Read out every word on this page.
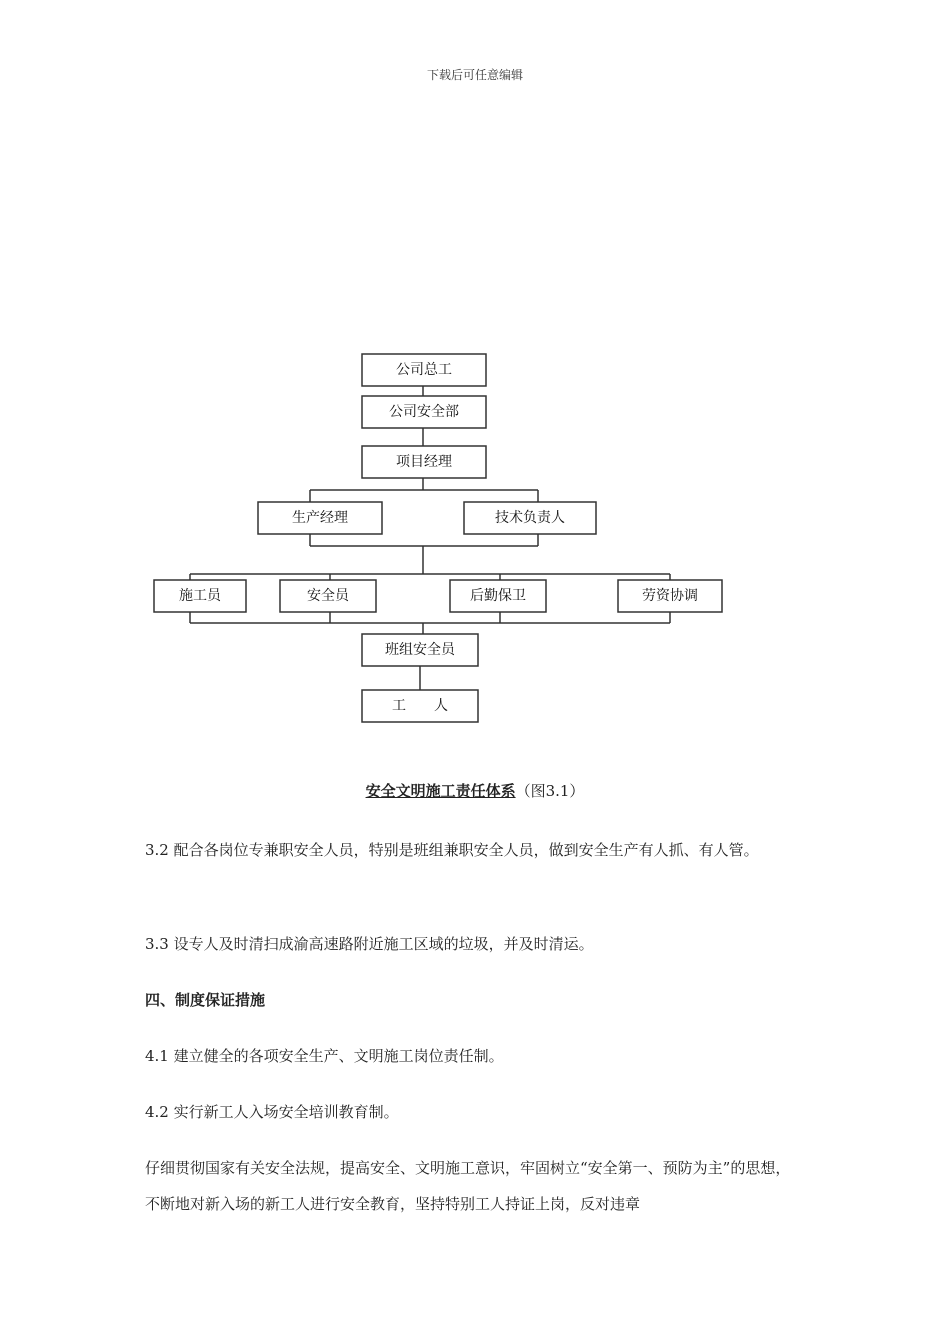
下载后可任意编辑
公司总工
公司安全部
项目经理
生产经理	技术负责人
施工员	安全员	后勤保卫	劳资协调
班组安全员
工　　人
安全文明施工责任体系（图3.1）
3.2 配合各岗位专兼职安全人员，特别是班组兼职安全人员，做到安全生产有人抓、有人管。
3.3 设专人及时清扫成渝高速路附近施工区域的垃圾，并及时清运。
四、制度保证措施
4.1 建立健全的各项安全生产、文明施工岗位责任制。
4.2 实行新工人入场安全培训教育制。
仔细贯彻国家有关安全法规，提高安全、文明施工意识，牢固树立“安全第一、预防为主”的思想，不断地对新入场的新工人进行安全教育，坚持特别工人持证上岗，反对违章
